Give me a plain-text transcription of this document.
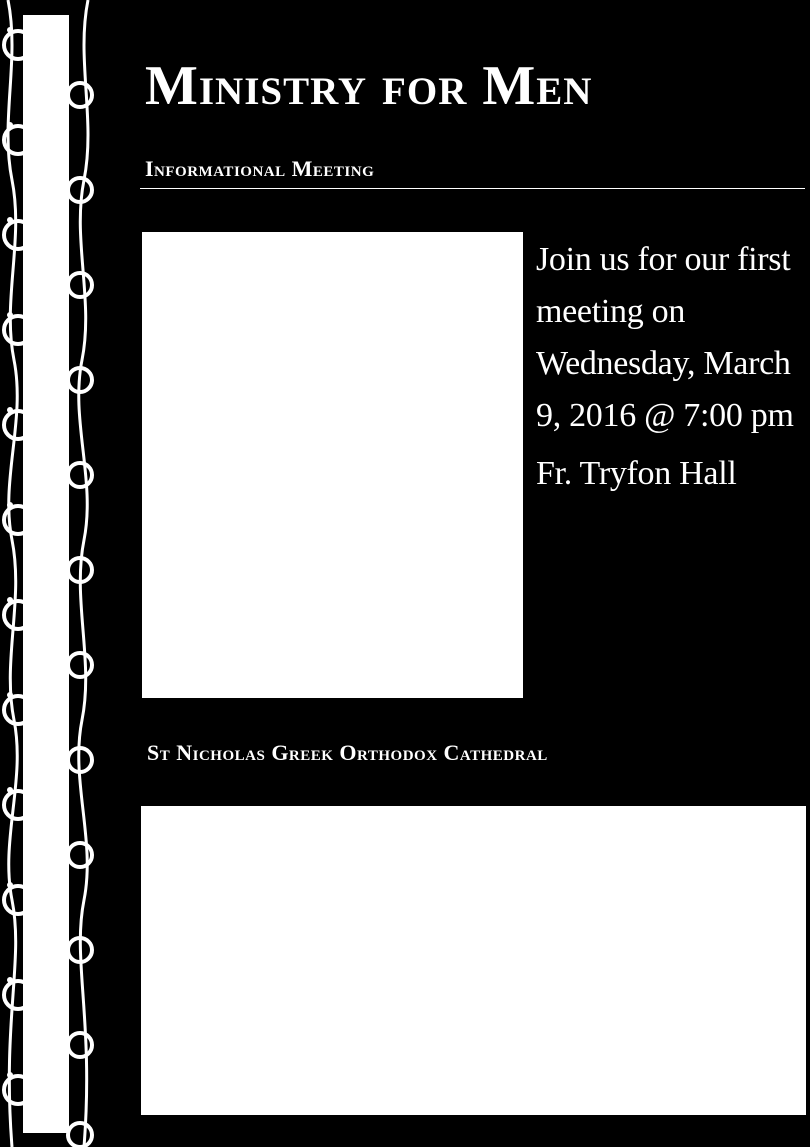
Ministry for Men
Informational Meeting

Join us for our first meeting on Wednesday, March 9, 2016 @ 7:00 pm

Fr. Tryfon Hall

St Nicholas Greek Orthodox Cathedral
